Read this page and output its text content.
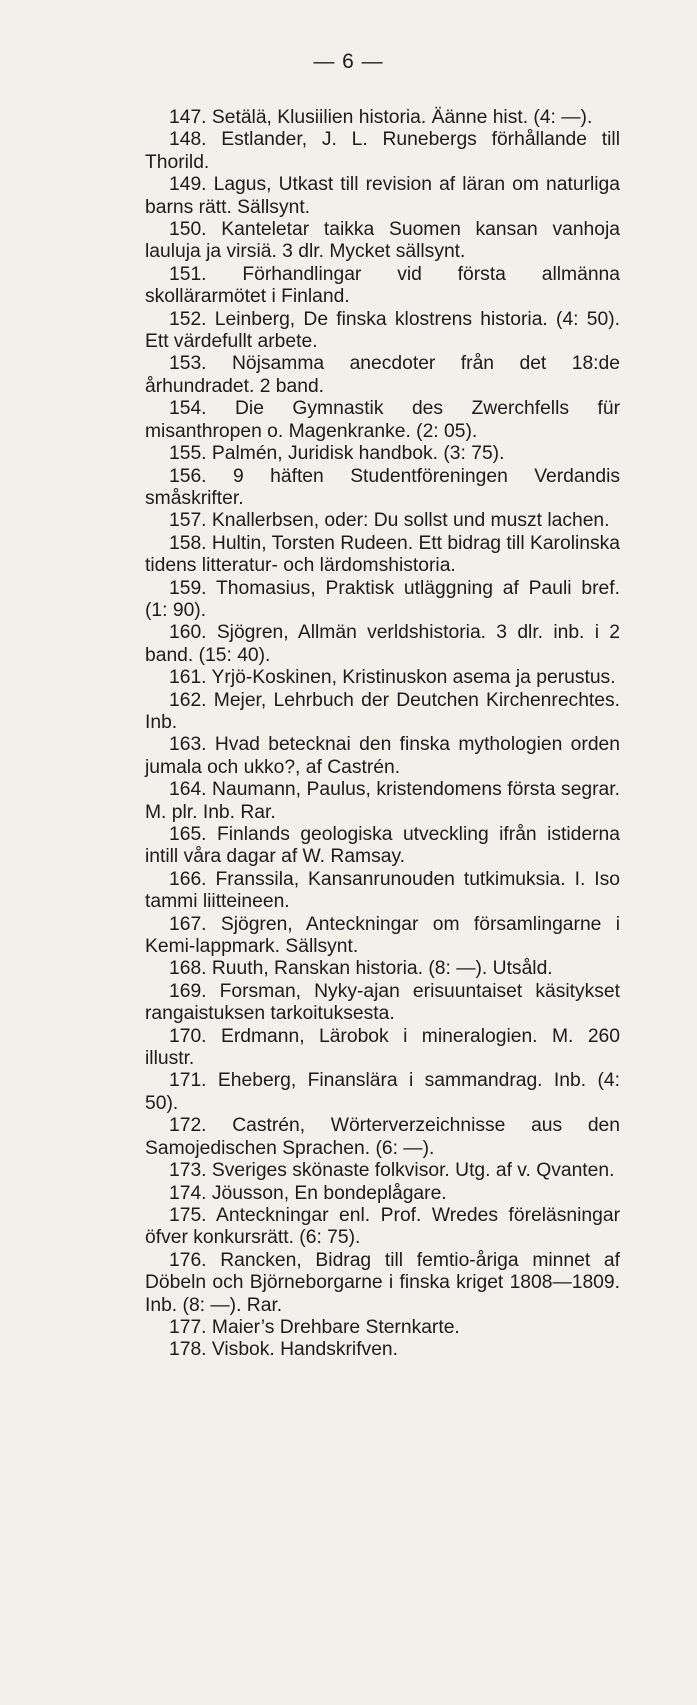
— 6 —

147. Setälä, Klusiilien historia. Äänne hist. (4: —).

148. Estlander, J. L. Runebergs förhållande till Thorild.

149. Lagus, Utkast till revision af läran om naturliga barns rätt. Sällsynt.

150. Kanteletar taikka Suomen kansan vanhoja lauluja ja virsiä. 3 dlr. Mycket sällsynt.

151. Förhandlingar vid första allmänna skollärarmötet i Finland.

152. Leinberg, De finska klostrens historia. (4: 50). Ett värdefullt arbete.

153. Nöjsamma anecdoter från det 18:de århundradet. 2 band.

154. Die Gymnastik des Zwerchfells für misanthropen o. Magenkranke. (2: 05).

155. Palmén, Juridisk handbok. (3: 75).

156. 9 häften Studentföreningen Verdandis småskrifter.

157. Knallerbsen, oder: Du sollst und muszt lachen.

158. Hultin, Torsten Rudeen. Ett bidrag till Karolinska tidens litteratur- och lärdomshistoria.

159. Thomasius, Praktisk utläggning af Pauli bref. (1: 90).

160. Sjögren, Allmän verldshistoria. 3 dlr. inb. i 2 band. (15: 40).

161. Yrjö-Koskinen, Kristinuskon asema ja perustus.

162. Mejer, Lehrbuch der Deutchen Kirchenrechtes. Inb.

163. Hvad betecknai den finska mythologien orden jumala och ukko?, af Castrén.

164. Naumann, Paulus, kristendomens första segrar. M. plr. Inb. Rar.

165. Finlands geologiska utveckling ifrån istiderna intill våra dagar af W. Ramsay.

166. Franssila, Kansanrunouden tutkimuksia. I. Iso tammi liitteineen.

167. Sjögren, Anteckningar om församlingarne i Kemi-lappmark. Sällsynt.

168. Ruuth, Ranskan historia. (8: —). Utsåld.

169. Forsman, Nyky-ajan erisuuntaiset käsitykset rangaistuksen tarkoituksesta.

170. Erdmann, Lärobok i mineralogien. M. 260 illustr.

171. Eheberg, Finanslära i sammandrag. Inb. (4: 50).

172. Castrén, Wörterverzeichnisse aus den Samojedischen Sprachen. (6: —).

173. Sveriges skönaste folkvisor. Utg. af v. Qvanten.

174. Jöusson, En bondeplågare.

175. Anteckningar enl. Prof. Wredes föreläsningar öfver konkursrätt. (6: 75).

176. Rancken, Bidrag till femtio-åriga minnet af Döbeln och Björneborgarne i finska kriget 1808—1809. Inb. (8: —). Rar.

177. Maier’s Drehbare Sternkarte.

178. Visbok. Handskrifven.
